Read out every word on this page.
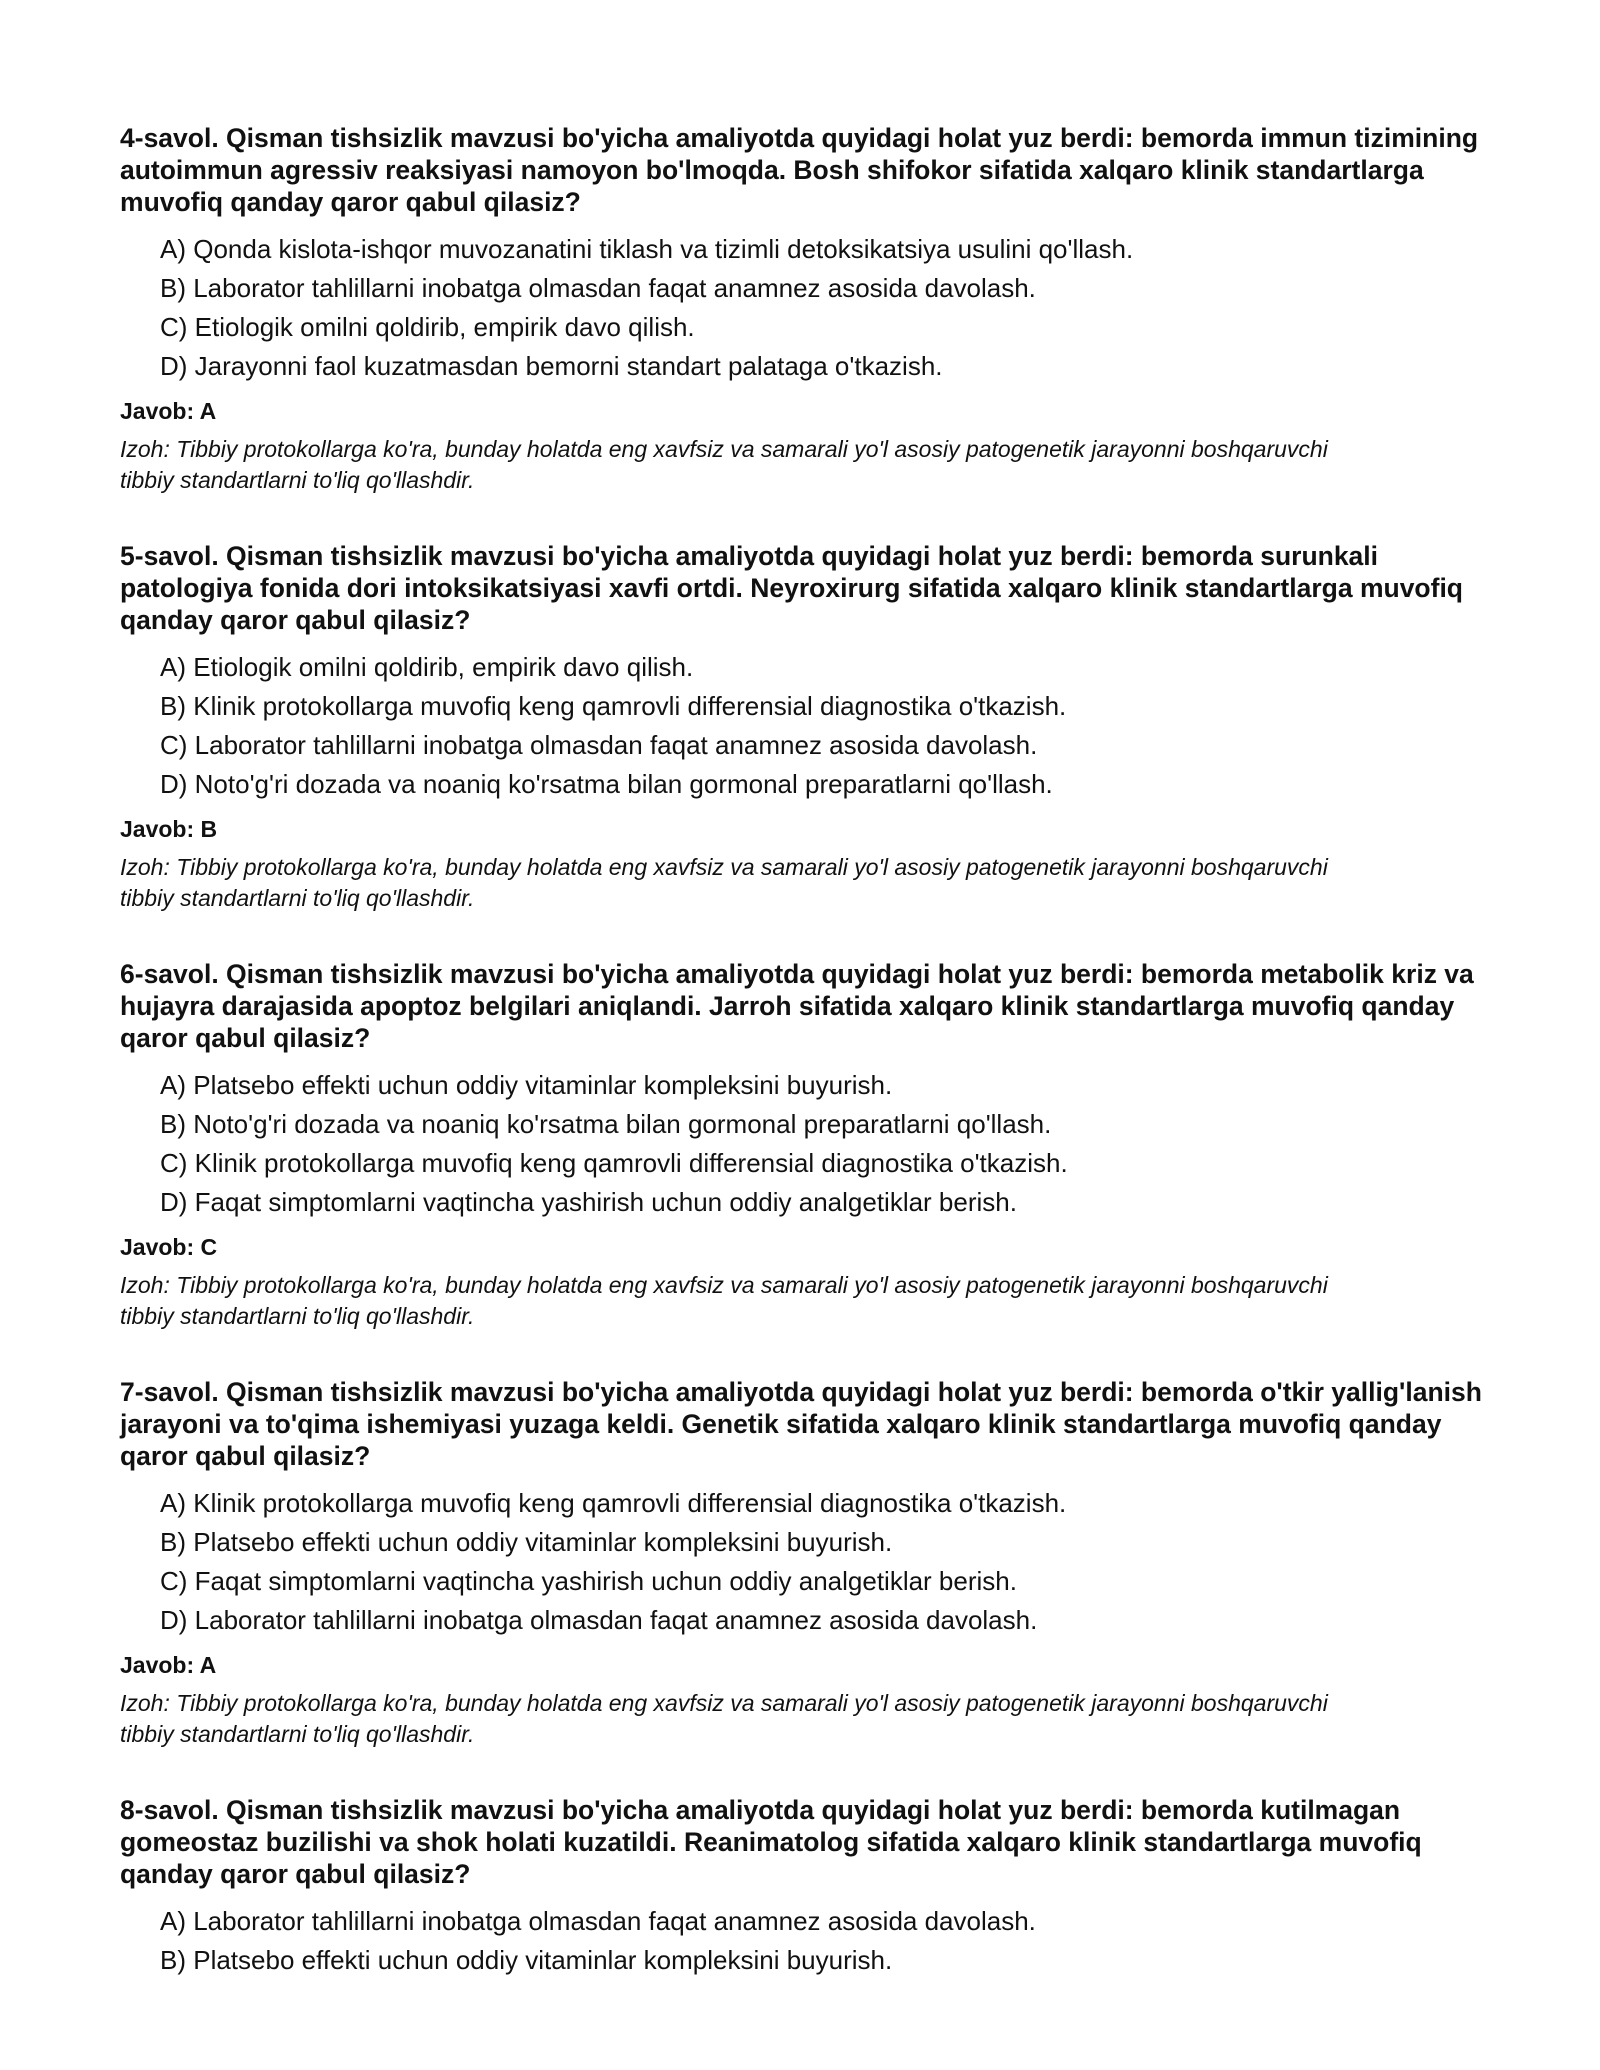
4-savol. Qisman tishsizlik mavzusi bo'yicha amaliyotda quyidagi holat yuz berdi: bemorda immun tizimining autoimmun agressiv reaksiyasi namoyon bo'lmoqda. Bosh shifokor sifatida xalqaro klinik standartlarga muvofiq qanday qaror qabul qilasiz?
A) Qonda kislota-ishqor muvozanatini tiklash va tizimli detoksikatsiya usulini qo'llash.
B) Laborator tahlillarni inobatga olmasdan faqat anamnez asosida davolash.
C) Etiologik omilni qoldirib, empirik davo qilish.
D) Jarayonni faol kuzatmasdan bemorni standart palataga o'tkazish.
Javob: A
Izoh: Tibbiy protokollarga ko'ra, bunday holatda eng xavfsiz va samarali yo'l asosiy patogenetik jarayonni boshqaruvchi tibbiy standartlarni to'liq qo'llashdir.
5-savol. Qisman tishsizlik mavzusi bo'yicha amaliyotda quyidagi holat yuz berdi: bemorda surunkali patologiya fonida dori intoksikatsiyasi xavfi ortdi. Neyroxirurg sifatida xalqaro klinik standartlarga muvofiq qanday qaror qabul qilasiz?
A) Etiologik omilni qoldirib, empirik davo qilish.
B) Klinik protokollarga muvofiq keng qamrovli differensial diagnostika o'tkazish.
C) Laborator tahlillarni inobatga olmasdan faqat anamnez asosida davolash.
D) Noto'g'ri dozada va noaniq ko'rsatma bilan gormonal preparatlarni qo'llash.
Javob: B
Izoh: Tibbiy protokollarga ko'ra, bunday holatda eng xavfsiz va samarali yo'l asosiy patogenetik jarayonni boshqaruvchi tibbiy standartlarni to'liq qo'llashdir.
6-savol. Qisman tishsizlik mavzusi bo'yicha amaliyotda quyidagi holat yuz berdi: bemorda metabolik kriz va hujayra darajasida apoptoz belgilari aniqlandi. Jarroh sifatida xalqaro klinik standartlarga muvofiq qanday qaror qabul qilasiz?
A) Platsebo effekti uchun oddiy vitaminlar kompleksini buyurish.
B) Noto'g'ri dozada va noaniq ko'rsatma bilan gormonal preparatlarni qo'llash.
C) Klinik protokollarga muvofiq keng qamrovli differensial diagnostika o'tkazish.
D) Faqat simptomlarni vaqtincha yashirish uchun oddiy analgetiklar berish.
Javob: C
Izoh: Tibbiy protokollarga ko'ra, bunday holatda eng xavfsiz va samarali yo'l asosiy patogenetik jarayonni boshqaruvchi tibbiy standartlarni to'liq qo'llashdir.
7-savol. Qisman tishsizlik mavzusi bo'yicha amaliyotda quyidagi holat yuz berdi: bemorda o'tkir yallig'lanish jarayoni va to'qima ishemiyasi yuzaga keldi. Genetik sifatida xalqaro klinik standartlarga muvofiq qanday qaror qabul qilasiz?
A) Klinik protokollarga muvofiq keng qamrovli differensial diagnostika o'tkazish.
B) Platsebo effekti uchun oddiy vitaminlar kompleksini buyurish.
C) Faqat simptomlarni vaqtincha yashirish uchun oddiy analgetiklar berish.
D) Laborator tahlillarni inobatga olmasdan faqat anamnez asosida davolash.
Javob: A
Izoh: Tibbiy protokollarga ko'ra, bunday holatda eng xavfsiz va samarali yo'l asosiy patogenetik jarayonni boshqaruvchi tibbiy standartlarni to'liq qo'llashdir.
8-savol. Qisman tishsizlik mavzusi bo'yicha amaliyotda quyidagi holat yuz berdi: bemorda kutilmagan gomeostaz buzilishi va shok holati kuzatildi. Reanimatolog sifatida xalqaro klinik standartlarga muvofiq qanday qaror qabul qilasiz?
A) Laborator tahlillarni inobatga olmasdan faqat anamnez asosida davolash.
B) Platsebo effekti uchun oddiy vitaminlar kompleksini buyurish.
